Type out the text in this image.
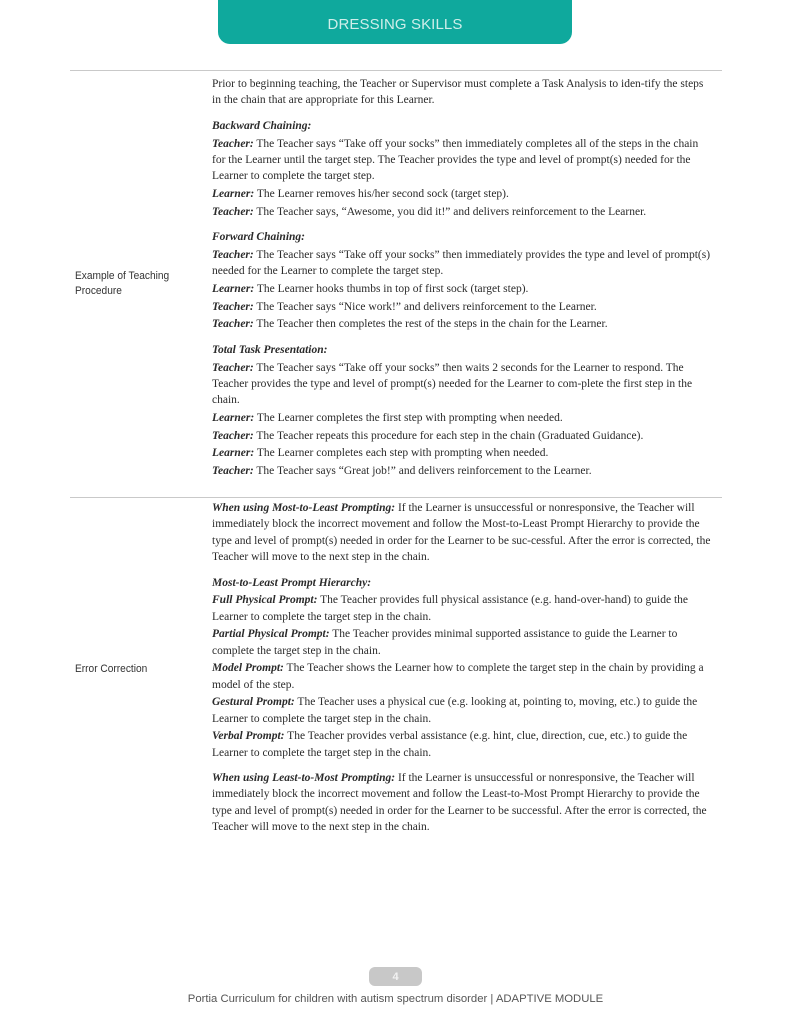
DRESSING SKILLS
Example of Teaching Procedure

Prior to beginning teaching, the Teacher or Supervisor must complete a Task Analysis to iden-tify the steps in the chain that are appropriate for this Learner.

Backward Chaining:

Teacher: The Teacher says “Take off your socks” then immediately completes all of the steps in the chain for the Learner until the target step. The Teacher provides the type and level of prompt(s) needed for the Learner to complete the target step.

Learner: The Learner removes his/her second sock (target step).

Teacher: The Teacher says, “Awesome, you did it!” and delivers reinforcement to the Learner.

Forward Chaining:

Teacher: The Teacher says “Take off your socks” then immediately provides the type and level of prompt(s) needed for the Learner to complete the target step.

Learner: The Learner hooks thumbs in top of first sock (target step).

Teacher: The Teacher says “Nice work!” and delivers reinforcement to the Learner.

Teacher: The Teacher then completes the rest of the steps in the chain for the Learner.

Total Task Presentation:

Teacher: The Teacher says “Take off your socks” then waits 2 seconds for the Learner to respond. The Teacher provides the type and level of prompt(s) needed for the Learner to com-plete the first step in the chain.

Learner: The Learner completes the first step with prompting when needed.

Teacher: The Teacher repeats this procedure for each step in the chain (Graduated Guidance).

Learner: The Learner completes each step with prompting when needed.

Teacher: The Teacher says “Great job!” and delivers reinforcement to the Learner.

Error Correction

When using Most-to-Least Prompting: If the Learner is unsuccessful or nonresponsive, the Teacher will immediately block the incorrect movement and follow the Most-to-Least Prompt Hierarchy to provide the type and level of prompt(s) needed in order for the Learner to be suc-cessful. After the error is corrected, the Teacher will move to the next step in the chain.

Most-to-Least Prompt Hierarchy:

Full Physical Prompt: The Teacher provides full physical assistance (e.g. hand-over-hand) to guide the Learner to complete the target step in the chain.

Partial Physical Prompt: The Teacher provides minimal supported assistance to guide the Learner to complete the target step in the chain.

Model Prompt: The Teacher shows the Learner how to complete the target step in the chain by providing a model of the step.

Gestural Prompt: The Teacher uses a physical cue (e.g. looking at, pointing to, moving, etc.) to guide the Learner to complete the target step in the chain.

Verbal Prompt: The Teacher provides verbal assistance (e.g. hint, clue, direction, cue, etc.) to guide the Learner to complete the target step in the chain.

When using Least-to-Most Prompting: If the Learner is unsuccessful or nonresponsive, the Teacher will immediately block the incorrect movement and follow the Least-to-Most Prompt Hierarchy to provide the type and level of prompt(s) needed in order for the Learner to be successful. After the error is corrected, the Teacher will move to the next step in the chain.

4
Portia Curriculum for children with autism spectrum disorder | ADAPTIVE MODULE
